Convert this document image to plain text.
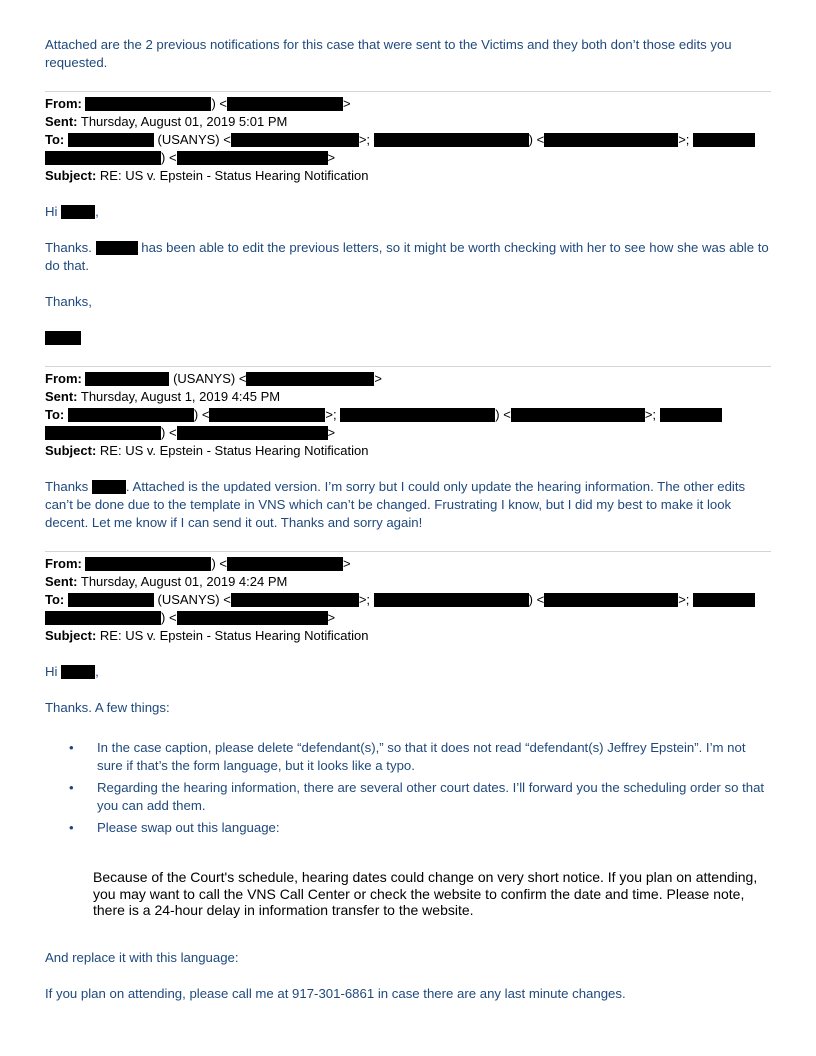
Attached are the 2 previous notifications for this case that were sent to the Victims and they both don’t those edits you requested.

From:	) <	>

Sent: Thursday, August 01, 2019 5:01 PM

To:	(USANYS) <	>;	) <	>;

) <	>

Subject: RE: US v. Epstein - Status Hearing Notification

Hi	,

Thanks.	has been able to edit the previous letters, so it might be worth checking with her to see how she was able to do that.

Thanks,

From:	(USANYS) <	>

Sent: Thursday, August 1, 2019 4:45 PM

To:	) <	>;	) <	>;

) <	>

Subject: RE: US v. Epstein - Status Hearing Notification

Thanks	. Attached is the updated version. I’m sorry but I could only update the hearing information. The other edits can’t be done due to the template in VNS which can’t be changed. Frustrating I know, but I did my best to make it look decent. Let me know if I can send it out. Thanks and sorry again!

From:	) <	>

Sent: Thursday, August 01, 2019 4:24 PM

To:	(USANYS) <	>;	) <	>;

) <	>

Subject: RE: US v. Epstein - Status Hearing Notification

Hi	,

Thanks. A few things:

• In the case caption, please delete “defendant(s),” so that it does not read “defendant(s) Jeffrey Epstein”. I’m not sure if that’s the form language, but it looks like a typo.
• Regarding the hearing information, there are several other court dates. I’ll forward you the scheduling order so that you can add them.
• Please swap out this language:

Because of the Court's schedule, hearing dates could change on very short notice. If you plan on attending, you may want to call the VNS Call Center or check the website to confirm the date and time. Please note, there is a 24-hour delay in information transfer to the website.

And replace it with this language:

If you plan on attending, please call me at 917-301-6861 in case there are any last minute changes.
